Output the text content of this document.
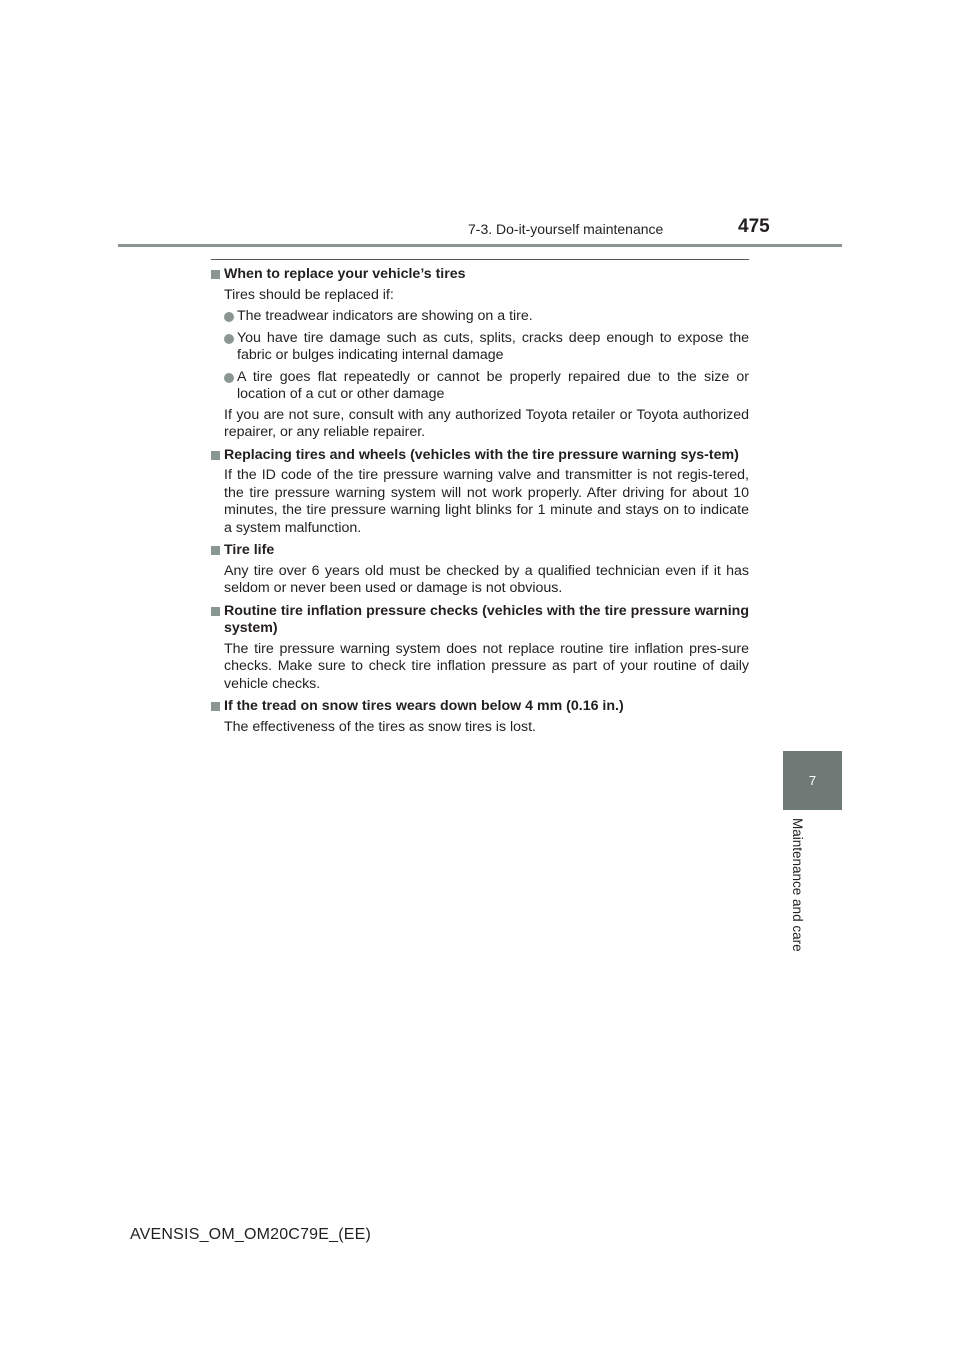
7-3. Do-it-yourself maintenance	475
When to replace your vehicle’s tires
Tires should be replaced if:
The treadwear indicators are showing on a tire.
You have tire damage such as cuts, splits, cracks deep enough to expose the fabric or bulges indicating internal damage
A tire goes flat repeatedly or cannot be properly repaired due to the size or location of a cut or other damage
If you are not sure, consult with any authorized Toyota retailer or Toyota authorized repairer, or any reliable repairer.
Replacing tires and wheels (vehicles with the tire pressure warning sys-tem)
If the ID code of the tire pressure warning valve and transmitter is not regis-tered, the tire pressure warning system will not work properly. After driving for about 10 minutes, the tire pressure warning light blinks for 1 minute and stays on to indicate a system malfunction.
Tire life
Any tire over 6 years old must be checked by a qualified technician even if it has seldom or never been used or damage is not obvious.
Routine tire inflation pressure checks (vehicles with the tire pressure warning system)
The tire pressure warning system does not replace routine tire inflation pres-sure checks. Make sure to check tire inflation pressure as part of your routine of daily vehicle checks.
If the tread on snow tires wears down below 4 mm (0.16 in.)
The effectiveness of the tires as snow tires is lost.
7
Maintenance and care
AVENSIS_OM_OM20C79E_(EE)
